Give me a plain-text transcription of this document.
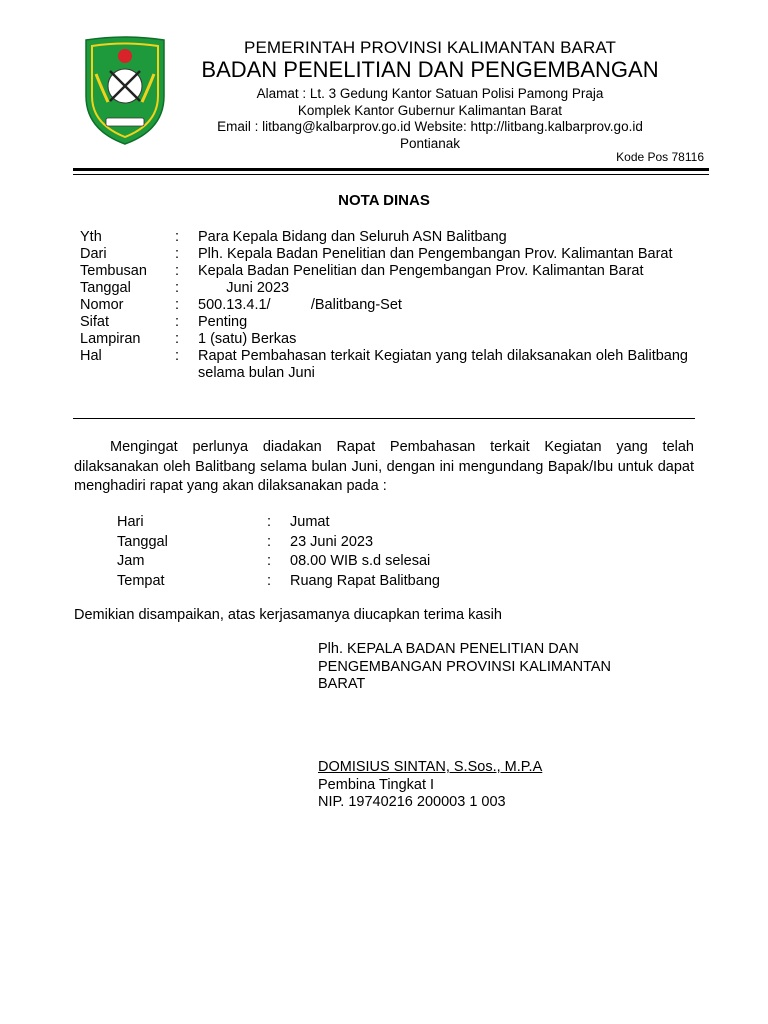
PEMERINTAH PROVINSI KALIMANTAN BARAT
BADAN PENELITIAN DAN PENGEMBANGAN
Alamat : Lt. 3 Gedung Kantor Satuan Polisi Pamong Praja
Komplek Kantor Gubernur Kalimantan Barat
Email : litbang@kalbarprov.go.id Website: http://litbang.kalbarprov.go.id
Pontianak
Kode Pos 78116
NOTA DINAS
Yth	:	Para Kepala Bidang dan Seluruh ASN Balitbang
Dari	:	Plh. Kepala Badan Penelitian dan Pengembangan Prov. Kalimantan Barat
Tembusan	:	Kepala Badan Penelitian dan Pengembangan Prov. Kalimantan Barat
Tanggal	:	Juni 2023
Nomor	:	500.13.4.1/          /Balitbang-Set
Sifat	:	Penting
Lampiran	:	1 (satu) Berkas
Hal	:	Rapat Pembahasan terkait Kegiatan yang telah dilaksanakan oleh Balitbang selama bulan Juni
Mengingat perlunya diadakan Rapat Pembahasan terkait Kegiatan yang telah dilaksanakan oleh Balitbang selama bulan Juni, dengan ini mengundang Bapak/Ibu untuk dapat menghadiri rapat yang akan dilaksanakan pada :
Hari	:	Jumat
Tanggal	:	23 Juni 2023
Jam	:	08.00 WIB s.d selesai
Tempat	:	Ruang Rapat Balitbang
Demikian disampaikan, atas kerjasamanya diucapkan terima kasih
Plh. KEPALA BADAN PENELITIAN DAN
PENGEMBANGAN PROVINSI KALIMANTAN
BARAT
DOMISIUS SINTAN, S.Sos., M.P.A
Pembina Tingkat I
NIP. 19740216 200003 1 003
